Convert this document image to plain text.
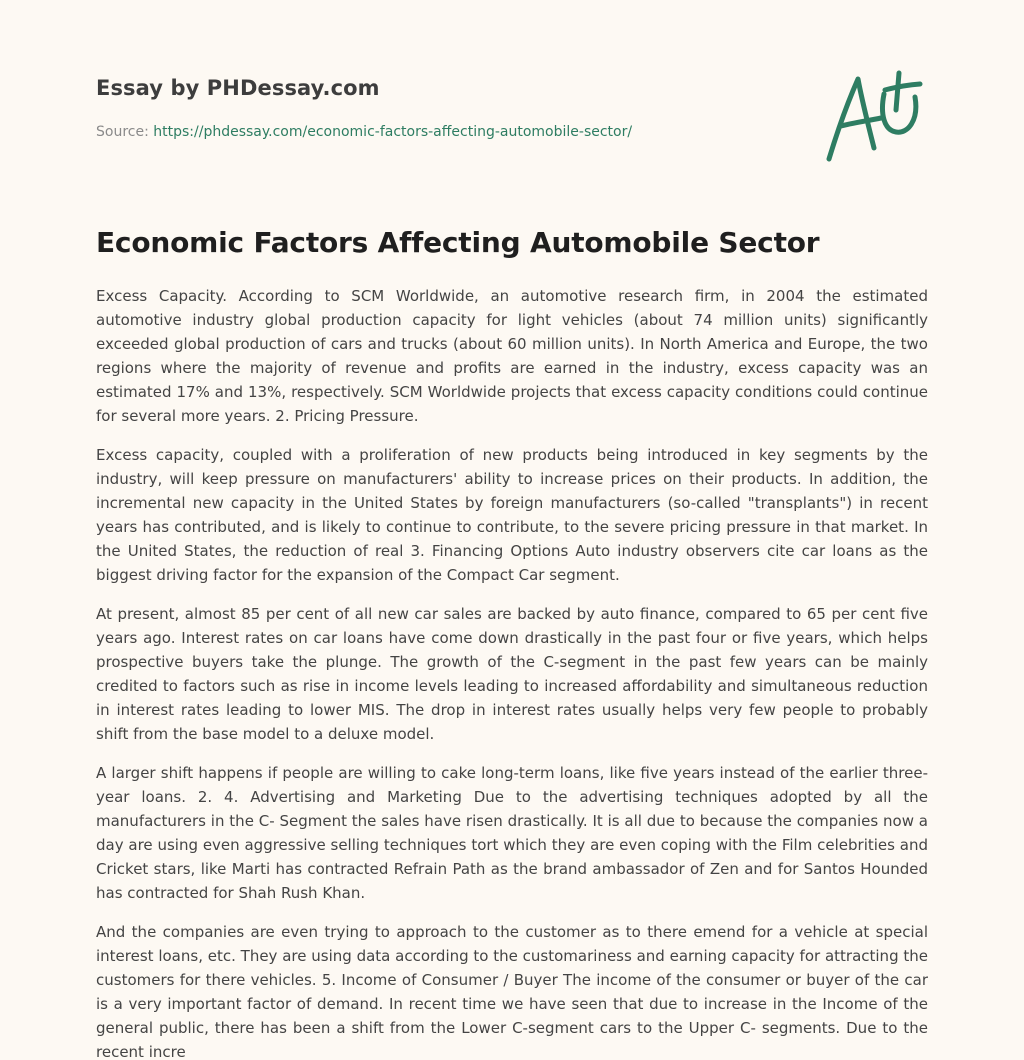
Essay by PHDessay.com
Source: https://phdessay.com/economic-factors-affecting-automobile-sector/
Economic Factors Affecting Automobile Sector

Excess Capacity. According to SCM Worldwide, an automotive research firm, in 2004 the estimated automotive industry global production capacity for light vehicles (about 74 million units) significantly exceeded global production of cars and trucks (about 60 million units). In North America and Europe, the two regions where the majority of revenue and profits are earned in the industry, excess capacity was an estimated 17% and 13%, respectively. SCM Worldwide projects that excess capacity conditions could continue for several more years. 2. Pricing Pressure.

Excess capacity, coupled with a proliferation of new products being introduced in key segments by the industry, will keep pressure on manufacturers' ability to increase prices on their products. In addition, the incremental new capacity in the United States by foreign manufacturers (so-called "transplants") in recent years has contributed, and is likely to continue to contribute, to the severe pricing pressure in that market. In the United States, the reduction of real 3. Financing Options Auto industry observers cite car loans as the biggest driving factor for the expansion of the Compact Car segment.

At present, almost 85 per cent of all new car sales are backed by auto finance, compared to 65 per cent five years ago. Interest rates on car loans have come down drastically in the past four or five years, which helps prospective buyers take the plunge. The growth of the C-segment in the past few years can be mainly credited to factors such as rise in income levels leading to increased affordability and simultaneous reduction in interest rates leading to lower MIS. The drop in interest rates usually helps very few people to probably shift from the base model to a deluxe model.

A larger shift happens if people are willing to cake long-term loans, like five years instead of the earlier three-year loans. 2. 4. Advertising and Marketing Due to the advertising techniques adopted by all the manufacturers in the C- Segment the sales have risen drastically. It is all due to because the companies now a day are using even aggressive selling techniques tort which they are even coping with the Film celebrities and Cricket stars, like Marti has contracted Refrain Path as the brand ambassador of Zen and for Santos Hounded has contracted for Shah Rush Khan.

And the companies are even trying to approach to the customer as to there emend for a vehicle at special interest loans, etc. They are using data according to the customariness and earning capacity for attracting the customers for there vehicles. 5. Income of Consumer / Buyer The income of the consumer or buyer of the car is a very important factor of demand. In recent time we have seen that due to increase in the Income of the general public, there has been a shift from the Lower C-segment cars to the Upper C- segments. Due to the recent incre
